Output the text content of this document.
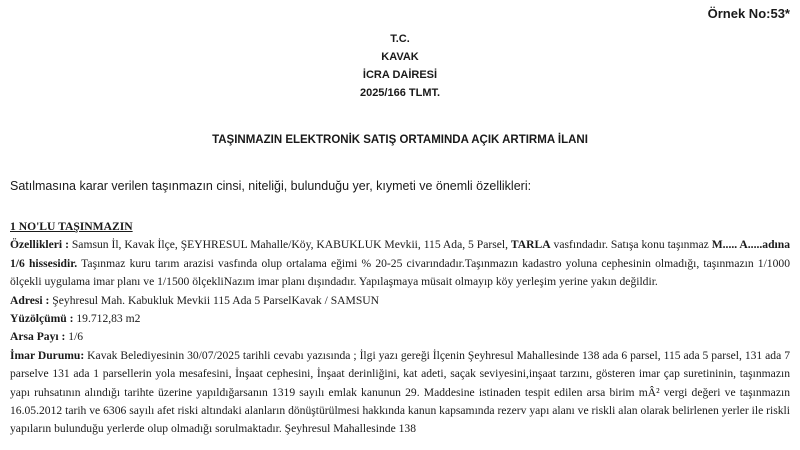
Örnek No:53*
T.C.
KAVAK
İCRA DAİRESİ
2025/166 TLMT.
TAŞINMAZIN ELEKTRONİK SATIŞ ORTAMINDA AÇIK ARTIRMA İLANI
Satılmasına karar verilen taşınmazın cinsi, niteliği, bulunduğu yer, kıymeti ve önemli özellikleri:

1 NO'LU TAŞINMAZIN

Özellikleri : Samsun İl, Kavak İlçe, ŞEYHRESUL Mahalle/Köy, KABUKLUK Mevkii, 115 Ada, 5 Parsel, TARLA vasfındadır. Satışa konu taşınmaz M..... A.....adına 1/6 hissesidir. Taşınmaz kuru tarım arazisi vasfında olup ortalama eğimi % 20-25 civarındadır.Taşınmazın kadastro yoluna cephesinin olmadığı, taşınmazın 1/1000 ölçekli uygulama imar planı ve 1/1500 ölçekliNazım imar planı dışındadır. Yapılaşmaya müsait olmayıp köy yerleşim yerine yakın değildir.

Adresi : Şeyhresul Mah. Kabukluk Mevkii 115 Ada 5 ParselKavak / SAMSUN

Yüzölçümü : 19.712,83 m2

Arsa Payı : 1/6

İmar Durumu: Kavak Belediyesinin 30/07/2025 tarihli cevabı yazısında ; İlgi yazı gereği İlçenin Şeyhresul Mahallesinde 138 ada 6 parsel, 115 ada 5 parsel, 131 ada 7 parselve 131 ada 1 parsellerin yola mesafesini, İnşaat cephesini, İnşaat derinliğini, kat adeti, saçak seviyesini,inşaat tarzını, gösteren imar çap suretininin, taşınmazın yapı ruhsatının alındığı tarihte üzerine yapıldığarsanın 1319 sayılı emlak kanunun 29. Maddesine istinaden tespit edilen arsa birim mÂ² vergi değeri ve taşınmazın 16.05.2012 tarih ve 6306 sayılı afet riski altındaki alanların dönüştürülmesi hakkında kanun kapsamında rezerv yapı alanı ve riskli alan olarak belirlenen yerler ile riskli yapıların bulunduğu yerlerde olup olmadığı sorulmaktadır. Şeyhresul Mahallesinde 138
